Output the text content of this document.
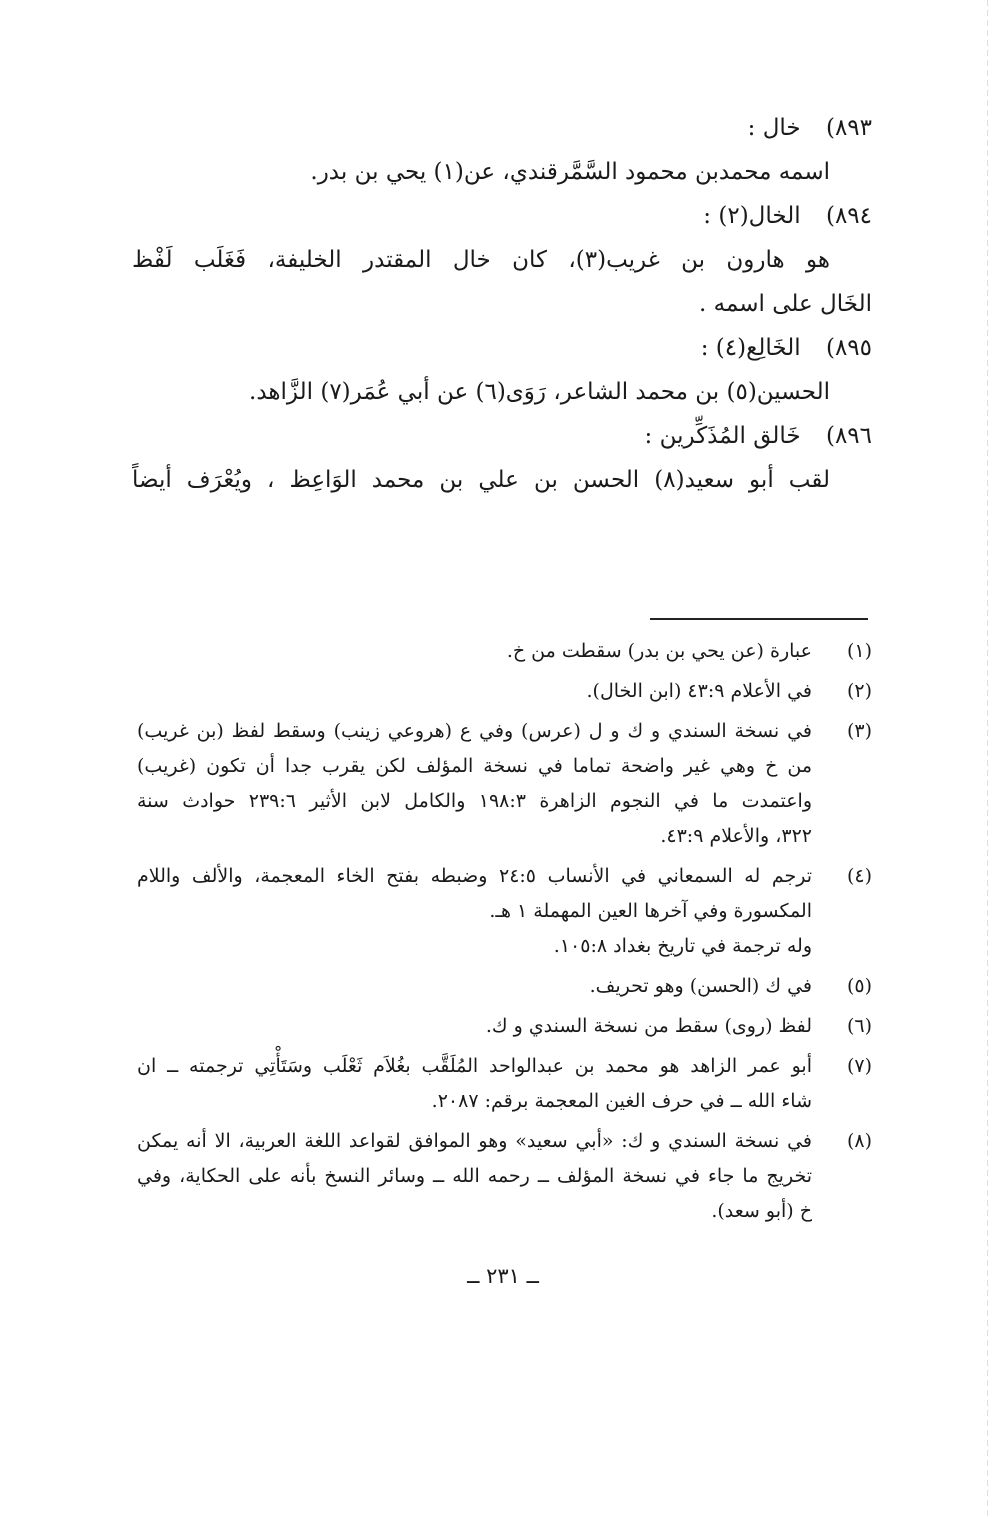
٨٩٣) خال :
اسمه محمدبن محمود السَّمَّرقندي، عن(١) يحي بن بدر.
٨٩٤) الخال(٢) :
هو هارون بن غريب(٣)، كان خال المقتدر الخليفة، فَغَلَب لَفْظ
الخَال على اسمه .
٨٩٥) الخَالِع(٤) :
الحسين(٥) بن محمد الشاعر، رَوَى(٦) عن أبي عُمَر(٧) الزَّاهد.
٨٩٦) خَالق المُذَكِّرين :
لقب أبو سعيد(٨) الحسن بن علي بن محمد الوَاعِظ ، ويُعْرَف أيضاً
(١)
عبارة (عن يحي بن بدر) سقطت من خ.
(٢)
في الأعلام ٤٣:٩ (ابن الخال).
(٣)
في نسخة السندي و ك و ل (عرس) وفي ع (هروعي زينب) وسقط لفظ (بن غريب)
من خ وهي غير واضحة تماما في نسخة المؤلف لكن يقرب جدا أن تكون (غريب)
واعتمدت ما في النجوم الزاهرة ١٩٨:٣ والكامل لابن الأثير ٢٣٩:٦ حوادث سنة
٣٢٢، والأعلام ٤٣:٩.
(٤)
ترجم له السمعاني في الأنساب ٢٤:٥ وضبطه بفتح الخاء المعجمة، والألف واللام
المكسورة وفي آخرها العين المهملة ١ هـ.
وله ترجمة في تاريخ بغداد ١٠٥:٨.
(٥)
في ك (الحسن) وهو تحريف.
(٦)
لفظ (روى) سقط من نسخة السندي و ك.
(٧)
أبو عمر الزاهد هو محمد بن عبدالواحد المُلَقَّب بغُلاَم ثَعْلَب وسَتَأْتِي ترجمته ــ ان
شاء الله ــ في حرف الغين المعجمة برقم: ٢٠٨٧.
(٨)
في نسخة السندي و ك: «أبي سعيد» وهو الموافق لقواعد اللغة العربية، الا أنه يمكن
تخريج ما جاء في نسخة المؤلف ــ رحمه الله ــ وسائر النسخ بأنه على الحكاية، وفي
خ (أبو سعد).
ــ ٢٣١ ــ
